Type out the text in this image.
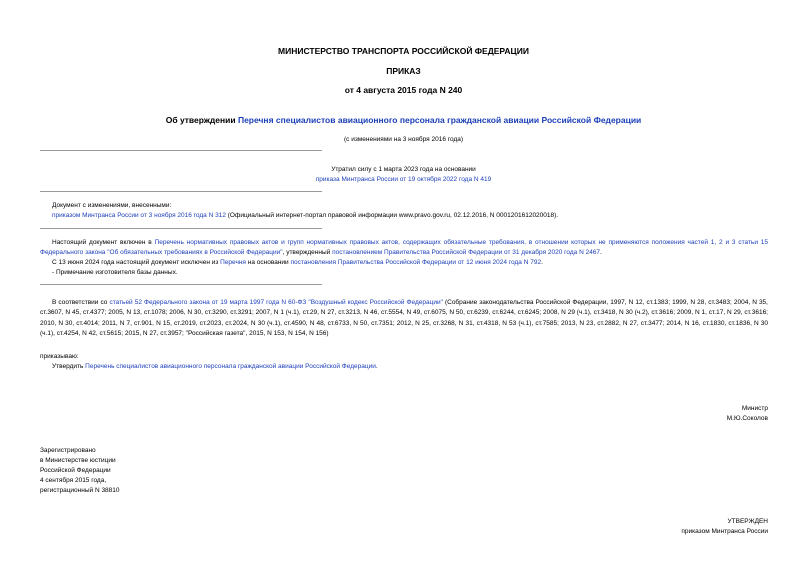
МИНИСТЕРСТВО ТРАНСПОРТА РОССИЙСКОЙ ФЕДЕРАЦИИ
ПРИКАЗ
от 4 августа 2015 года N 240
Об утверждении Перечня специалистов авиационного персонала гражданской авиации Российской Федерации
(с изменениями на 3 ноября 2016 года)
Утратил силу с 1 марта 2023 года на основании
приказа Минтранса России от 19 октября 2022 года N 419
Документ с изменениями, внесенными:
приказом Минтранса России от 3 ноября 2016 года N 312 (Официальный интернет-портал правовой информации www.pravo.gov.ru, 02.12.2016, N 0001201612020018).
Настоящий документ включен в Перечень нормативных правовых актов и групп нормативных правовых актов, содержащих обязательные требования, в отношении которых не применяются положения частей 1, 2 и 3 статьи 15 Федерального закона "Об обязательных требованиях в Российской Федерации", утвержденный постановлением Правительства Российской Федерации от 31 декабря 2020 года N 2467.
С 13 июня 2024 года настоящий документ исключен из Перечня на основании постановления Правительства Российской Федерации от 12 июня 2024 года N 792.
- Примечание изготовителя базы данных.
В соответствии со статьей 52 Федерального закона от 19 марта 1997 года N 60-ФЗ "Воздушный кодекс Российской Федерации" (Собрание законодательства Российской Федерации, 1997, N 12, ст.1383; 1999, N 28, ст.3483; 2004, N 35, ст.3607, N 45, ст.4377; 2005, N 13, ст.1078; 2006, N 30, ст.3290, ст.3291; 2007, N 1 (ч.1), ст.29, N 27, ст.3213, N 46, ст.5554, N 49, ст.6075, N 50, ст.6239, ст.6244, ст.6245; 2008, N 29 (ч.1), ст.3418, N 30 (ч.2), ст.3616; 2009, N 1, ст.17, N 29, ст.3616; 2010, N 30, ст.4014; 2011, N 7, ст.901, N 15, ст.2019, ст.2023, ст.2024, N 30 (ч.1), ст.4590, N 48, ст.6733, N 50, ст.7351; 2012, N 25, ст.3268, N 31, ст.4318, N 53 (ч.1), ст.7585; 2013, N 23, ст.2882, N 27, ст.3477; 2014, N 16, ст.1830, ст.1836, N 30 (ч.1), ст.4254, N 42, ст.5615; 2015, N 27, ст.3957; "Российская газета", 2015, N 153, N 154, N 156)
приказываю:
Утвердить Перечень специалистов авиационного персонала гражданской авиации Российской Федерации.
Министр
М.Ю.Соколов
Зарегистрировано
в Министерстве юстиции
Российской Федерации
4 сентября 2015 года,
регистрационный N 38810
УТВЕРЖДЕН
приказом Минтранса России
